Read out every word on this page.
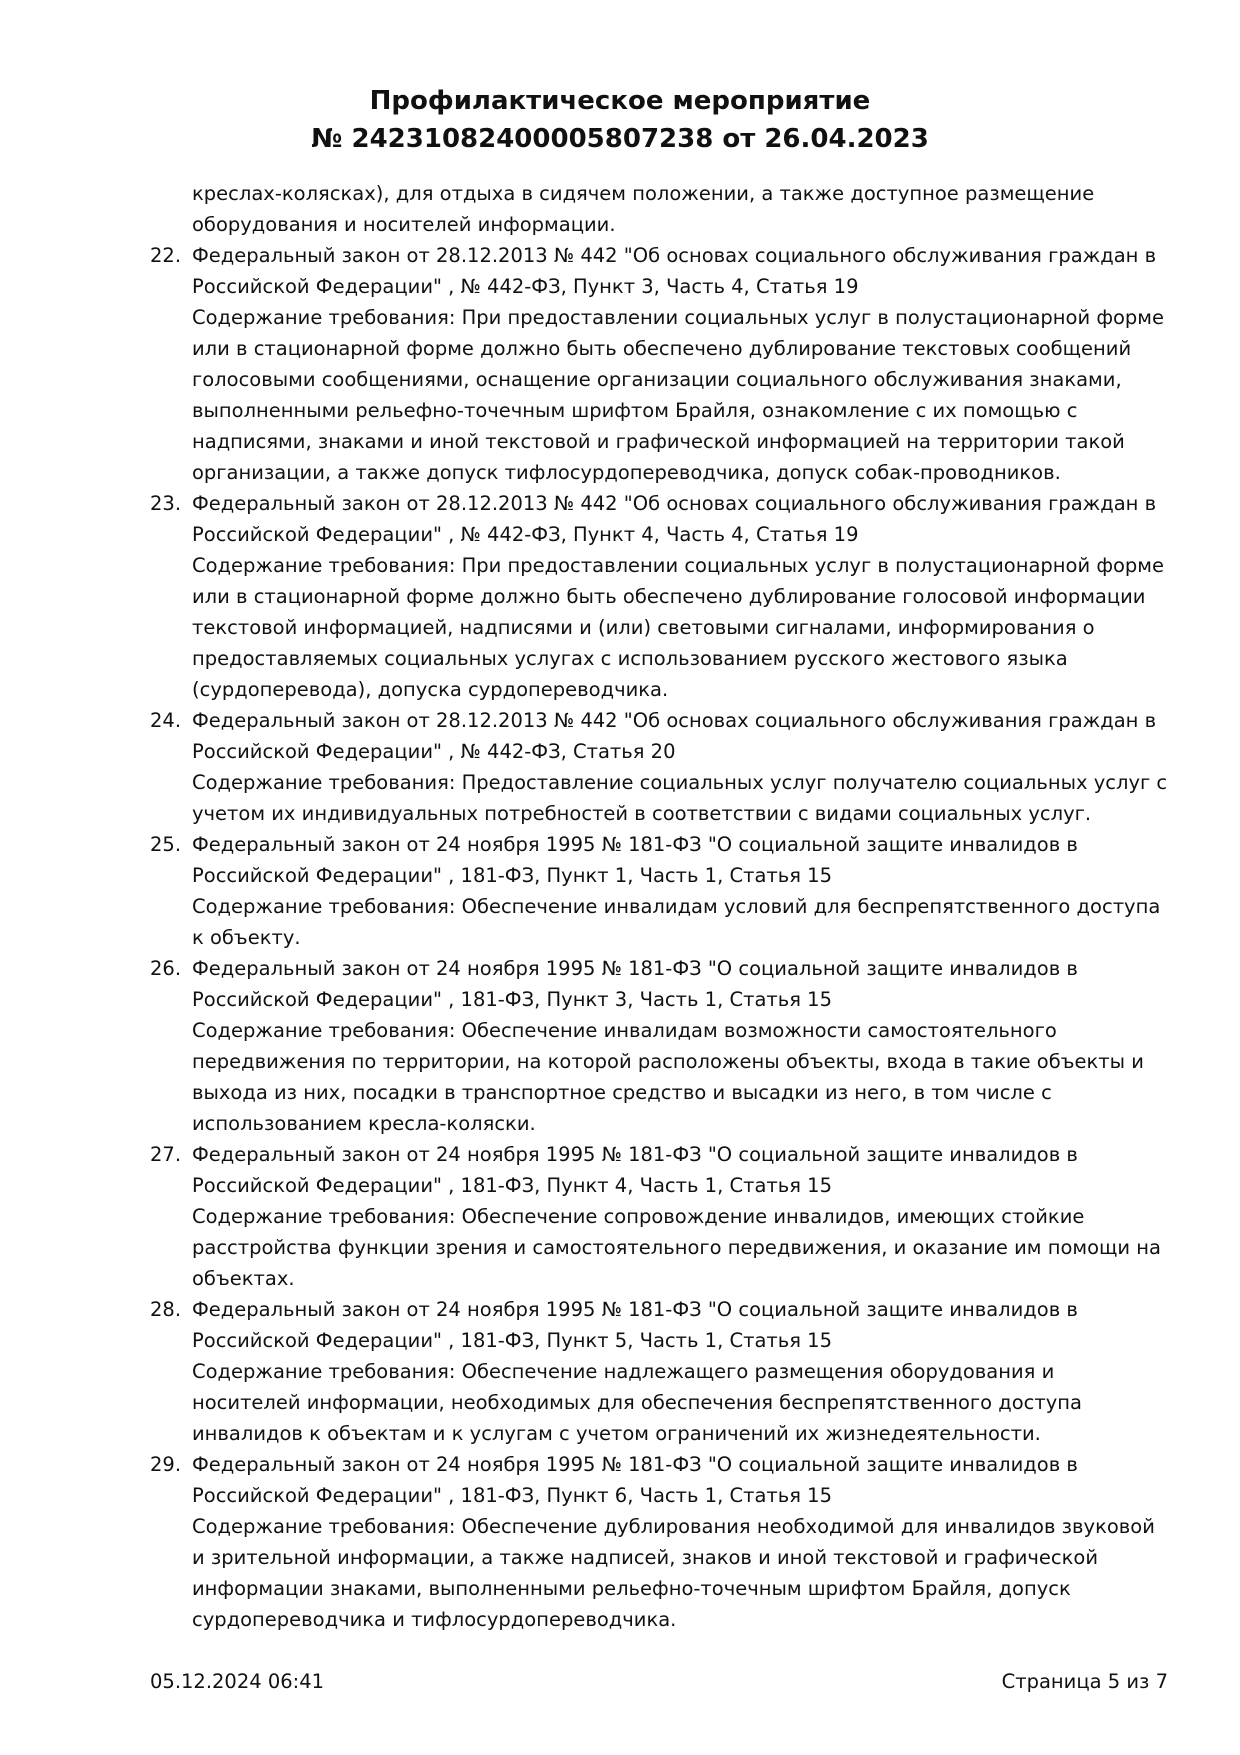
Профилактическое мероприятие
№ 24231082400005807238 от 26.04.2023
креслах-колясках), для отдыха в сидячем положении, а также доступное размещение оборудования и носителей информации.
22. Федеральный закон от 28.12.2013 № 442 "Об основах социального обслуживания граждан в Российской Федерации" , № 442-ФЗ, Пункт 3, Часть 4, Статья 19
Содержание требования: При предоставлении социальных услуг в полустационарной форме или в стационарной форме должно быть обеспечено дублирование текстовых сообщений голосовыми сообщениями, оснащение организации социального обслуживания знаками, выполненными рельефно-точечным шрифтом Брайля, ознакомление с их помощью с надписями, знаками и иной текстовой и графической информацией на территории такой организации, а также допуск тифлосурдопереводчика, допуск собак-проводников.
23. Федеральный закон от 28.12.2013 № 442 "Об основах социального обслуживания граждан в Российской Федерации" , № 442-ФЗ, Пункт 4, Часть 4, Статья 19
Содержание требования: При предоставлении социальных услуг в полустационарной форме или в стационарной форме должно быть обеспечено дублирование голосовой информации текстовой информацией, надписями и (или) световыми сигналами, информирования о предоставляемых социальных услугах с использованием русского жестового языка (сурдоперевода), допуска сурдопереводчика.
24. Федеральный закон от 28.12.2013 № 442 "Об основах социального обслуживания граждан в Российской Федерации" , № 442-ФЗ, Статья 20
Содержание требования: Предоставление социальных услуг получателю социальных услуг с учетом их индивидуальных потребностей в соответствии с видами социальных услуг.
25. Федеральный закон от 24 ноября 1995 № 181-ФЗ "О социальной защите инвалидов в Российской Федерации" , 181-ФЗ, Пункт 1, Часть 1, Статья 15
Содержание требования: Обеспечение инвалидам условий для беспрепятственного доступа к объекту.
26. Федеральный закон от 24 ноября 1995 № 181-ФЗ "О социальной защите инвалидов в Российской Федерации" , 181-ФЗ, Пункт 3, Часть 1, Статья 15
Содержание требования: Обеспечение инвалидам возможности самостоятельного передвижения по территории, на которой расположены объекты, входа в такие объекты и выхода из них, посадки в транспортное средство и высадки из него, в том числе с использованием кресла-коляски.
27. Федеральный закон от 24 ноября 1995 № 181-ФЗ "О социальной защите инвалидов в Российской Федерации" , 181-ФЗ, Пункт 4, Часть 1, Статья 15
Содержание требования: Обеспечение сопровождение инвалидов, имеющих стойкие расстройства функции зрения и самостоятельного передвижения, и оказание им помощи на объектах.
28. Федеральный закон от 24 ноября 1995 № 181-ФЗ "О социальной защите инвалидов в Российской Федерации" , 181-ФЗ, Пункт 5, Часть 1, Статья 15
Содержание требования: Обеспечение надлежащего размещения оборудования и носителей информации, необходимых для обеспечения беспрепятственного доступа инвалидов к объектам и к услугам с учетом ограничений их жизнедеятельности.
29. Федеральный закон от 24 ноября 1995 № 181-ФЗ "О социальной защите инвалидов в Российской Федерации" , 181-ФЗ, Пункт 6, Часть 1, Статья 15
Содержание требования: Обеспечение дублирования необходимой для инвалидов звуковой и зрительной информации, а также надписей, знаков и иной текстовой и графической информации знаками, выполненными рельефно-точечным шрифтом Брайля, допуск сурдопереводчика и тифлосурдопереводчика.
05.12.2024 06:41	Страница 5 из 7
